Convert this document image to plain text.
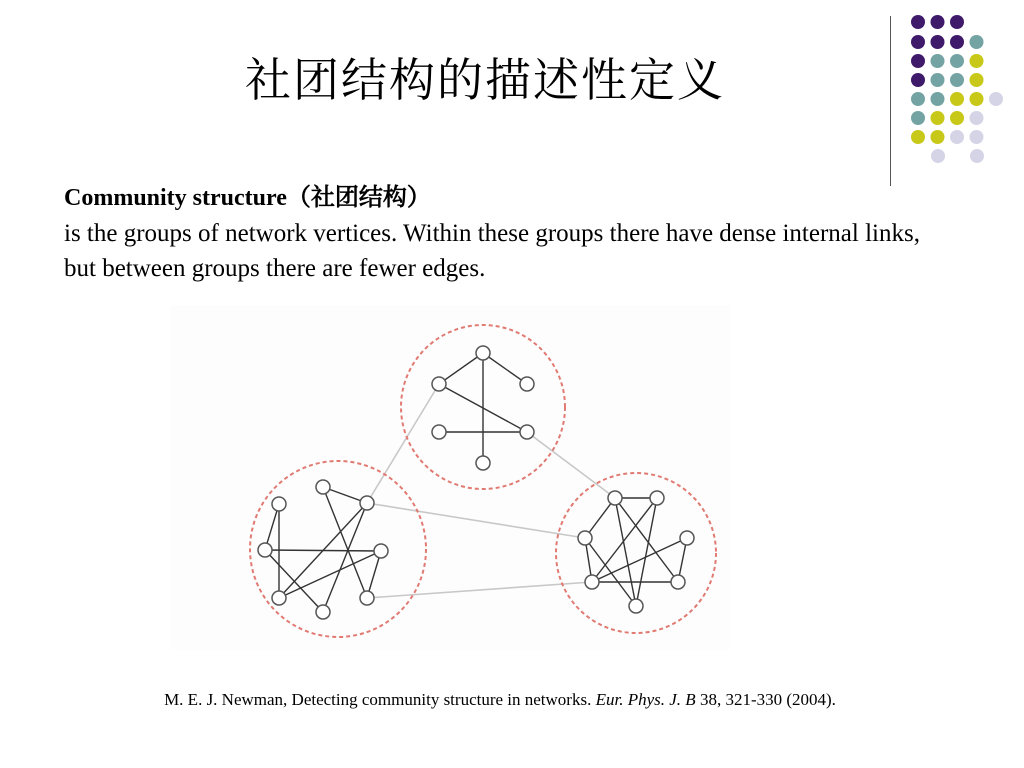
社团结构的描述性定义
Community structure（社团结构）
is the groups of network vertices. Within these groups there have dense internal links, but between groups there are fewer edges.
M. E. J. Newman, Detecting community structure in networks. Eur. Phys. J. B 38, 321-330 (2004).
